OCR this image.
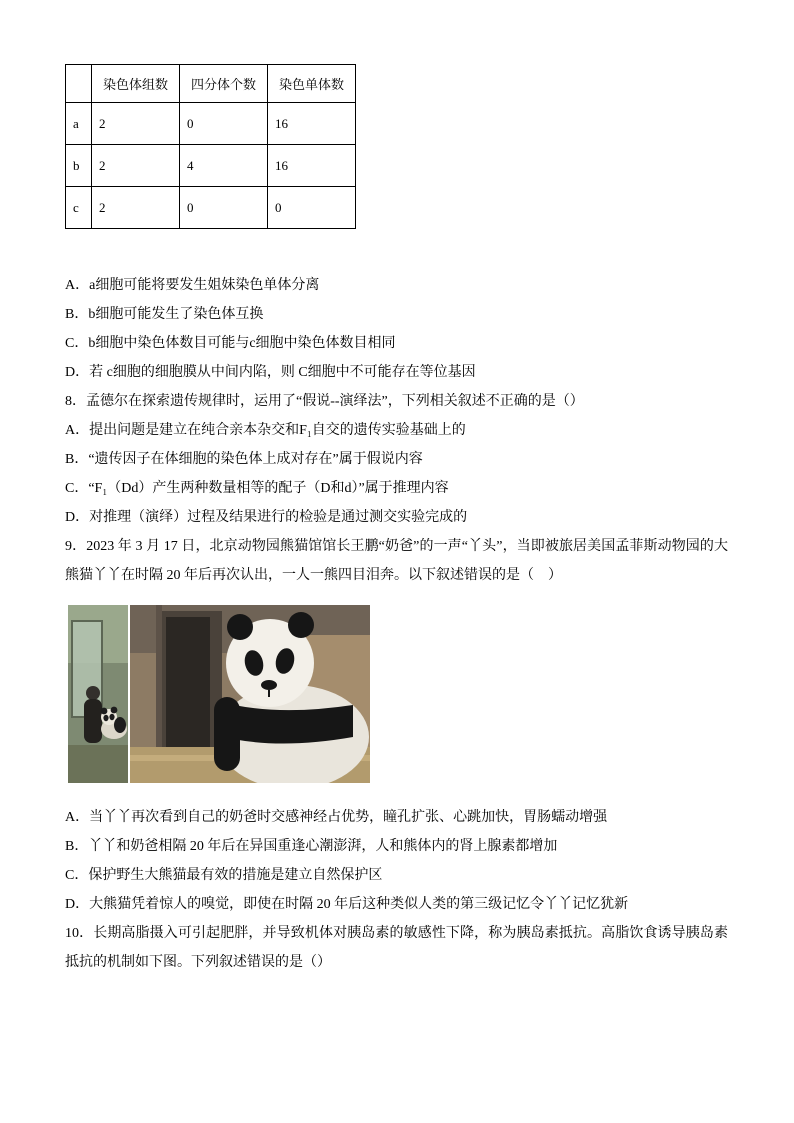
	染色体组数	四分体个数	染色单体数
a	2	0	16
b	2	4	16
c	2	0	0
A．a细胞可能将要发生姐妹染色单体分离
B．b细胞可能发生了染色体互换
C．b细胞中染色体数目可能与c细胞中染色体数目相同
D．若 c细胞的细胞膜从中间内陷，则 C细胞中不可能存在等位基因
8．孟德尔在探索遗传规律时，运用了“假说--演绎法”，下列相关叙述不正确的是（）
A．提出问题是建立在纯合亲本杂交和F₁自交的遗传实验基础上的
B．“遗传因子在体细胞的染色体上成对存在”属于假说内容
C．“F₁（Dd）产生两种数量相等的配子（D和d）”属于推理内容
D．对推理（演绎）过程及结果进行的检验是通过测交实验完成的
9．2023 年 3 月 17 日，北京动物园熊猫馆馆长王鹏“奶爸”的一声“丫头”，当即被旅居美国孟菲斯动物园的大熊猫丫丫在时隔 20 年后再次认出，一人一熊四目泪奔。以下叙述错误的是（　）
A．当丫丫再次看到自己的奶爸时交感神经占优势，瞳孔扩张、心跳加快，胃肠蠕动增强
B．丫丫和奶爸相隔 20 年后在异国重逢心潮澎湃，人和熊体内的肾上腺素都增加
C．保护野生大熊猫最有效的措施是建立自然保护区
D．大熊猫凭着惊人的嗅觉，即使在时隔 20 年后这种类似人类的第三级记忆令丫丫记忆犹新
10．长期高脂摄入可引起肥胖，并导致机体对胰岛素的敏感性下降，称为胰岛素抵抗。高脂饮食诱导胰岛素抵抗的机制如下图。下列叙述错误的是（）
